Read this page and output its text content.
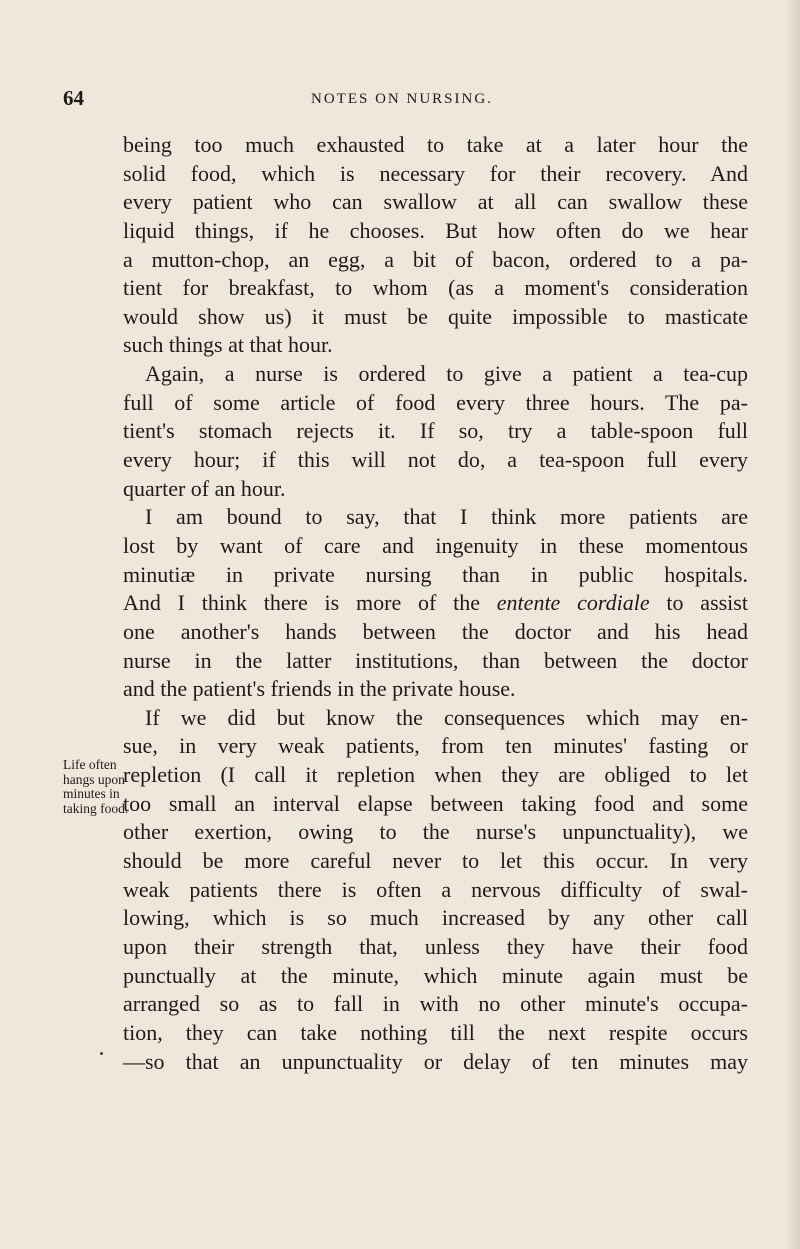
64	NOTES ON NURSING.
Life often
hangs upon
minutes in
taking food.
being too much exhausted to take at a later hour the
solid food, which is necessary for their recovery. And
every patient who can swallow at all can swallow these
liquid things, if he chooses. But how often do we hear
a mutton-chop, an egg, a bit of bacon, ordered to a pa-
tient for breakfast, to whom (as a moment's consideration
would show us) it must be quite impossible to masticate
such things at that hour.
Again, a nurse is ordered to give a patient a tea-cup
full of some article of food every three hours. The pa-
tient's stomach rejects it. If so, try a table-spoon full
every hour; if this will not do, a tea-spoon full every
quarter of an hour.
I am bound to say, that I think more patients are
lost by want of care and ingenuity in these momentous
minutiæ in private nursing than in public hospitals.
And I think there is more of the entente cordiale to assist
one another's hands between the doctor and his head
nurse in the latter institutions, than between the doctor
and the patient's friends in the private house.
If we did but know the consequences which may en-
sue, in very weak patients, from ten minutes' fasting or
repletion (I call it repletion when they are obliged to let
too small an interval elapse between taking food and some
other exertion, owing to the nurse's unpunctuality), we
should be more careful never to let this occur. In very
weak patients there is often a nervous difficulty of swal-
lowing, which is so much increased by any other call
upon their strength that, unless they have their food
punctually at the minute, which minute again must be
arranged so as to fall in with no other minute's occupa-
tion, they can take nothing till the next respite occurs
—so that an unpunctuality or delay of ten minutes may
